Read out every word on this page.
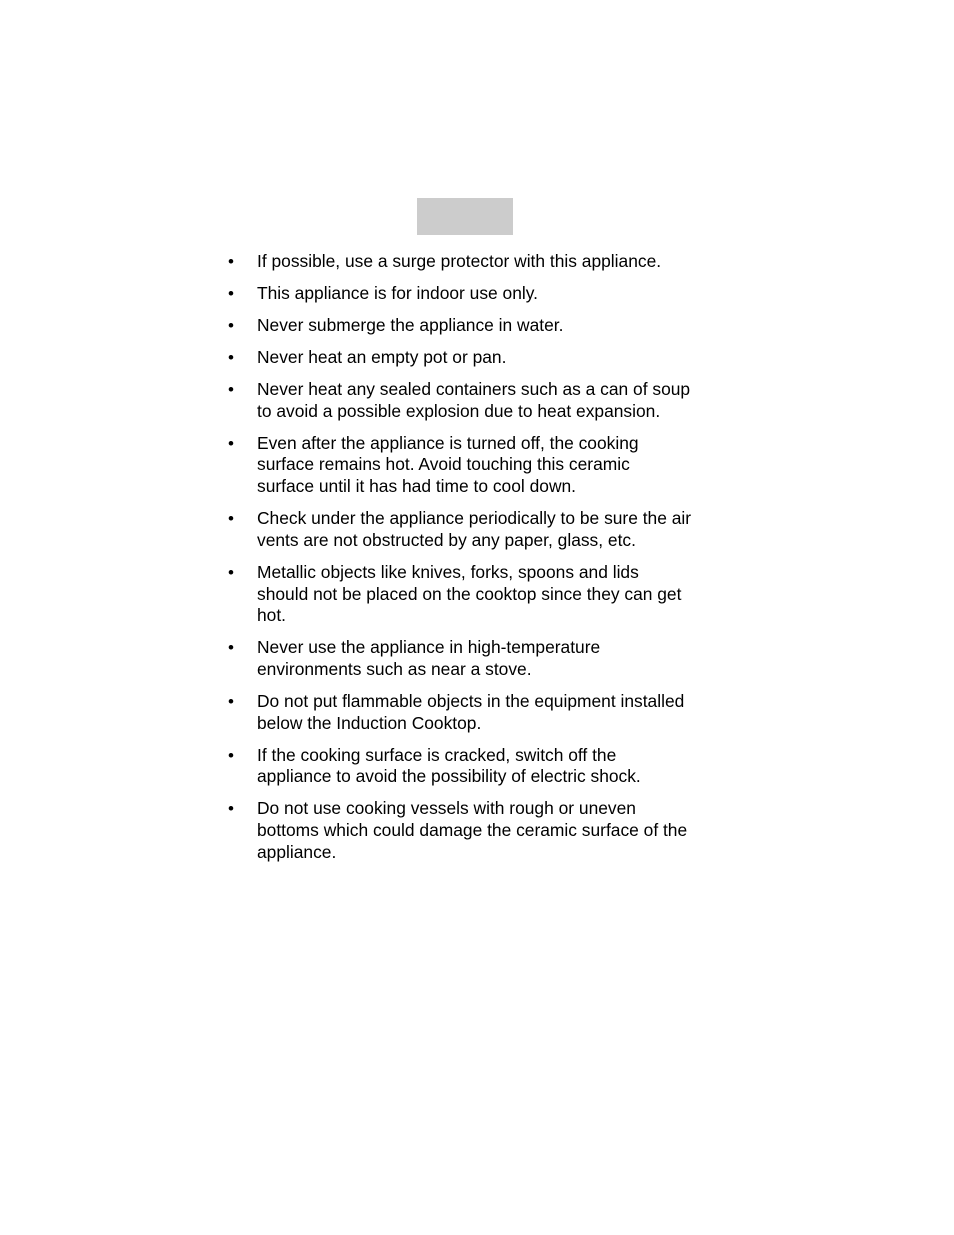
• If possible, use a surge protector with this appliance.
• This appliance is for indoor use only.
• Never submerge the appliance in water.
• Never heat an empty pot or pan.
• Never heat any sealed containers such as a can of soup
to avoid a possible explosion due to heat expansion.
• Even after the appliance is turned off, the cooking
surface remains hot. Avoid touching this ceramic
surface until it has had time to cool down.
• Check under the appliance periodically to be sure the air
vents are not obstructed by any paper, glass, etc.
• Metallic objects like knives, forks, spoons and lids
should not be placed on the cooktop since they can get
hot.
• Never use the appliance in high-temperature
environments such as near a stove.
• Do not put flammable objects in the equipment installed
below the Induction Cooktop.
• If the cooking surface is cracked, switch off the
appliance to avoid the possibility of electric shock.
• Do not use cooking vessels with rough or uneven
bottoms which could damage the ceramic surface of the
appliance.
